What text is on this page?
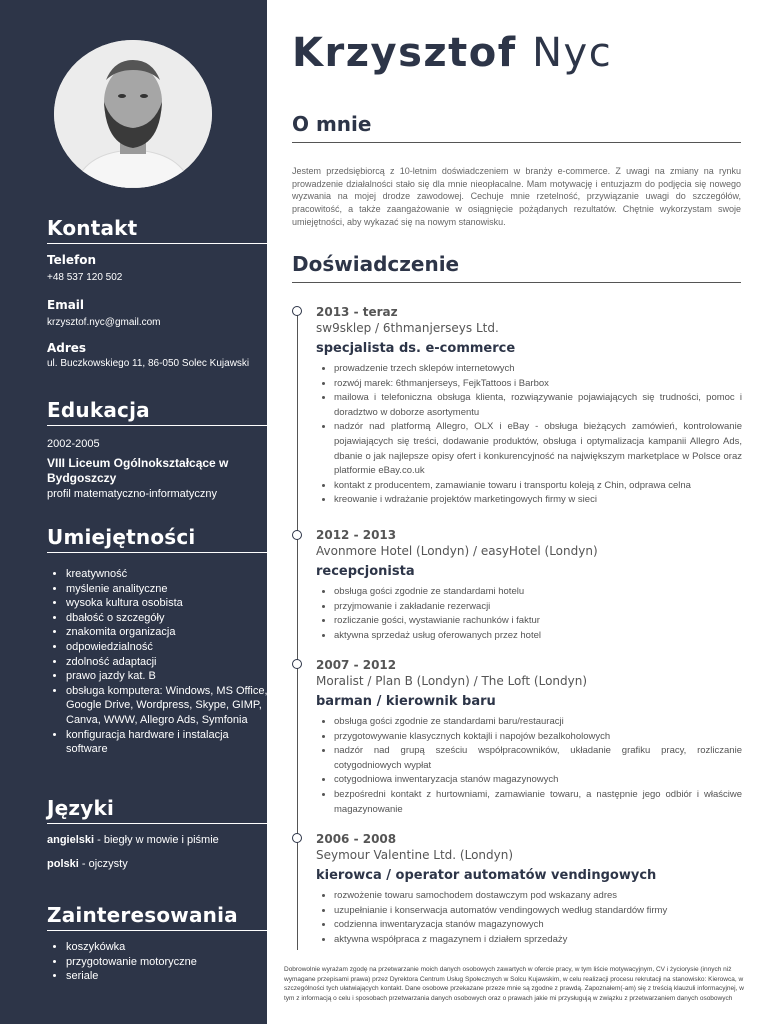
Kontakt

Telefon

+48 537 120 502

Email

krzysztof.nyc@gmail.com

Adres

ul. Buczkowskiego 11, 86-050 Solec Kujawski

Edukacja
2002-2005
VIII Liceum Ogólnokształcące w Bydgoszczy
profil matematyczno-informatyczny
Umiejętności
• kreatywność
• myślenie analityczne
• wysoka kultura osobista
• dbałość o szczegóły
• znakomita organizacja
• odpowiedzialność
• zdolność adaptacji
• prawo jazdy kat. B
• obsługa komputera: Windows, MS Office, Google Drive, Wordpress, Skype, GIMP, Canva, WWW, Allegro Ads, Symfonia
• konfiguracja hardware i instalacja software
Języki

angielski - biegły w mowie i piśmie

polski - ojczysty

Zainteresowania
• koszykówka
• przygotowanie motoryczne
• seriale
Krzysztof Nyc
O mnie

Jestem przedsiębiorcą z 10-letnim doświadczeniem w branży e-commerce. Z uwagi na zmiany na rynku prowadzenie działalności stało się dla mnie nieopłacalne. Mam motywację i entuzjazm do podjęcia się nowego wyzwania na mojej drodze zawodowej. Cechuje mnie rzetelność, przywiązanie uwagi do szczegółów, pracowitość, a także zaangażowanie w osiągnięcie pożądanych rezultatów. Chętnie wykorzystam swoje umiejętności, aby wykazać się na nowym stanowisku.

Doświadczenie

2013 - teraz

sw9sklep / 6thmanjerseys Ltd.

specjalista ds. e-commerce

• prowadzenie trzech sklepów internetowych
• rozwój marek: 6thmanjerseys, FejkTattoos i Barbox
• mailowa i telefoniczna obsługa klienta, rozwiązywanie pojawiających się trudności, pomoc i doradztwo w doborze asortymentu
• nadzór nad platformą Allegro, OLX i eBay - obsługa bieżących zamówień, kontrolowanie pojawiających się treści, dodawanie produktów, obsługa i optymalizacja kampanii Allegro Ads, dbanie o jak najlepsze opisy ofert i konkurencyjność na największym marketplace w Polsce oraz platformie eBay.co.uk
• kontakt z producentem, zamawianie towaru i transportu koleją z Chin, odprawa celna
• kreowanie i wdrażanie projektów marketingowych firmy w sieci

2012 - 2013

Avonmore Hotel (Londyn) / easyHotel (Londyn)

recepcjonista

• obsługa gości zgodnie ze standardami hotelu
• przyjmowanie i zakładanie rezerwacji
• rozliczanie gości, wystawianie rachunków i faktur
• aktywna sprzedaż usług oferowanych przez hotel

2007 - 2012

Moralist / Plan B (Londyn) / The Loft (Londyn)

barman / kierownik baru

• obsługa gości zgodnie ze standardami baru/restauracji
• przygotowywanie klasycznych koktajli i napojów bezalkoholowych
• nadzór nad grupą sześciu współpracowników, układanie grafiku pracy, rozliczanie cotygodniowych wypłat
• cotygodniowa inwentaryzacja stanów magazynowych
• bezpośredni kontakt z hurtowniami, zamawianie towaru, a następnie jego odbiór i właściwe magazynowanie

2006 - 2008

Seymour Valentine Ltd. (Londyn)

kierowca / operator automatów vendingowych

• rozwożenie towaru samochodem dostawczym pod wskazany adres
• uzupełnianie i konserwacja automatów vendingowych według standardów firmy
• codzienna inwentaryzacja stanów magazynowych
• aktywna współpraca z magazynem i działem sprzedaży

Dobrowolnie wyrażam zgodę na przetwarzanie moich danych osobowych zawartych w ofercie pracy, w tym liście motywacyjnym, CV i życiorysie (innych niż wymagane przepisami prawa) przez Dyrektora Centrum Usług Społecznych w Solcu Kujawskim, w celu realizacji procesu rekrutacji na stanowisko: Kierowca, w szczególności tych ułatwiających kontakt. Dane osobowe przekazane przeze mnie są zgodne z prawdą. Zapoznałem(-am) się z treścią klauzuli informacyjnej, w tym z informacją o celu i sposobach przetwarzania danych osobowych oraz o prawach jakie mi przysługują w związku z przetwarzaniem danych osobowych
